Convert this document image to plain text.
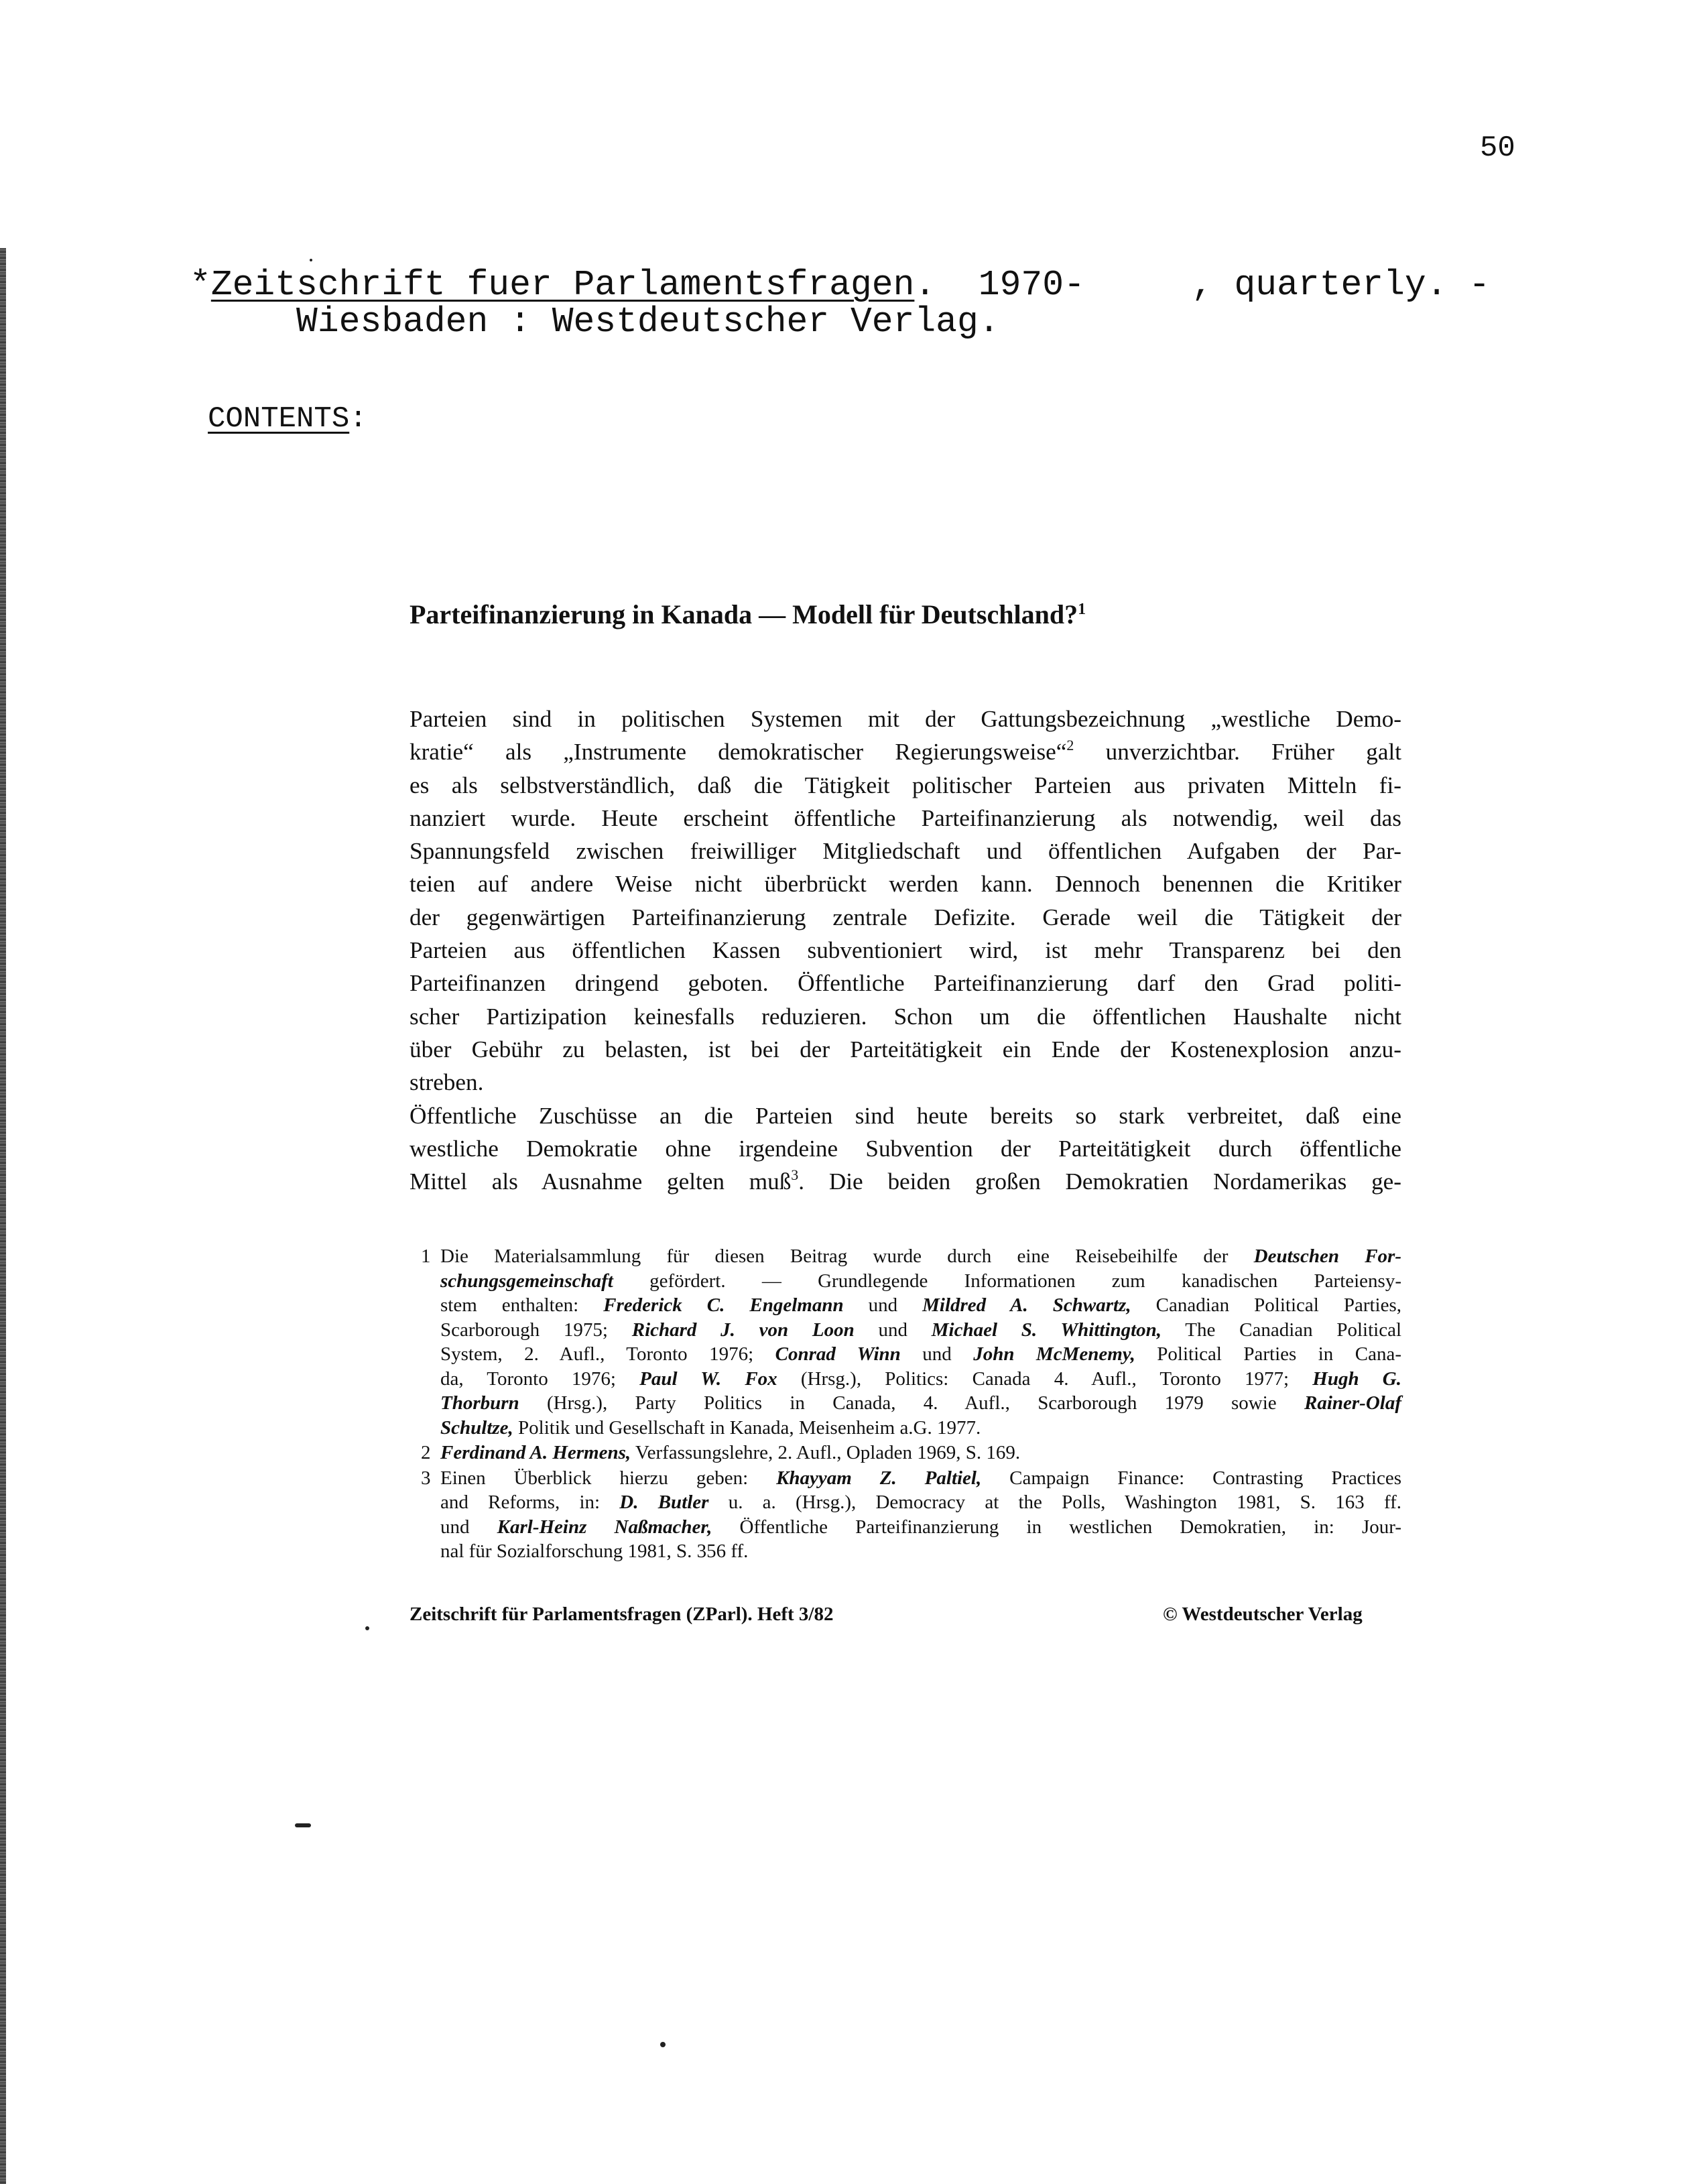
50
*Zeitschrift fuer Parlamentsfragen.  1970-     , quarterly. -
Wiesbaden : Westdeutscher Verlag.
CONTENTS:
Parteifinanzierung in Kanada — Modell für Deutschland?$^1$
Parteien sind in politischen Systemen mit der Gattungsbezeichnung „westliche Demo-
kratie“ als „Instrumente demokratischer Regierungsweise“$^2$ unverzichtbar. Früher galt
es als selbstverständlich, daß die Tätigkeit politischer Parteien aus privaten Mitteln fi-
nanziert wurde. Heute erscheint öffentliche Parteifinanzierung als notwendig, weil das
Spannungsfeld zwischen freiwilliger Mitgliedschaft und öffentlichen Aufgaben der Par-
teien auf andere Weise nicht überbrückt werden kann. Dennoch benennen die Kritiker
der gegenwärtigen Parteifinanzierung zentrale Defizite. Gerade weil die Tätigkeit der
Parteien aus öffentlichen Kassen subventioniert wird, ist mehr Transparenz bei den
Parteifinanzen dringend geboten. Öffentliche Parteifinanzierung darf den Grad politi-
scher Partizipation keinesfalls reduzieren. Schon um die öffentlichen Haushalte nicht
über Gebühr zu belasten, ist bei der Parteitätigkeit ein Ende der Kostenexplosion anzu-
streben.
Öffentliche Zuschüsse an die Parteien sind heute bereits so stark verbreitet, daß eine
westliche Demokratie ohne irgendeine Subvention der Parteitätigkeit durch öffentliche
Mittel als Ausnahme gelten muß$^3$. Die beiden großen Demokratien Nordamerikas ge-
1 Die Materialsammlung für diesen Beitrag wurde durch eine Reisebeihilfe der Deutschen For-
schungsgemeinschaft gefördert. — Grundlegende Informationen zum kanadischen Parteiensy-
stem enthalten: Frederick C. Engelmann und Mildred A. Schwartz, Canadian Political Parties,
Scarborough 1975; Richard J. von Loon und Michael S. Whittington, The Canadian Political
System, 2. Aufl., Toronto 1976; Conrad Winn und John McMenemy, Political Parties in Cana-
da, Toronto 1976; Paul W. Fox (Hrsg.), Politics: Canada 4. Aufl., Toronto 1977; Hugh G.
Thorburn (Hrsg.), Party Politics in Canada, 4. Aufl., Scarborough 1979 sowie Rainer-Olaf
Schultze, Politik und Gesellschaft in Kanada, Meisenheim a.G. 1977.
2 Ferdinand A. Hermens, Verfassungslehre, 2. Aufl., Opladen 1969, S. 169.
3 Einen Überblick hierzu geben: Khayyam Z. Paltiel, Campaign Finance: Contrasting Practices
and Reforms, in: D. Butler u. a. (Hrsg.), Democracy at the Polls, Washington 1981, S. 163 ff.
und Karl-Heinz Naßmacher, Öffentliche Parteifinanzierung in westlichen Demokratien, in: Jour-
nal für Sozialforschung 1981, S. 356 ff.
Zeitschrift für Parlamentsfragen (ZParl). Heft 3/82	© Westdeutscher Verlag
